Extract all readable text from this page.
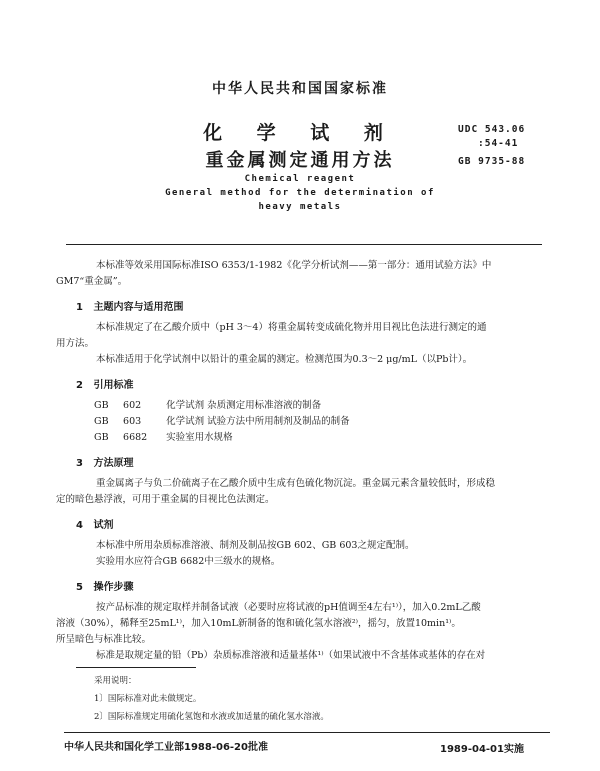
中华人民共和国国家标准
化 学 试 剂
重金属测定通用方法
Chemical reagent
General method for the determination of
heavy metals
UDC 543.06
:54-41
GB 9735-88
本标准等效采用国际标准ISO 6353/1-1982《化学分析试剂——第一部分：通用试验方法》中
GM7“重金属”。
1 主题内容与适用范围
本标准规定了在乙酸介质中（pH 3～4）将重金属转变成硫化物并用目视比色法进行测定的通
用方法。
本标准适用于化学试剂中以铅计的重金属的测定。检测范围为0.3～2 μg/mL（以Pb计）。
2 引用标准
GB 602	化学试剂 杂质测定用标准溶液的制备
GB 603	化学试剂 试验方法中所用制剂及制品的制备
GB 6682 实验室用水规格
3 方法原理
重金属离子与负二价硫离子在乙酸介质中生成有色硫化物沉淀。重金属元素含量较低时，形成稳
定的暗色悬浮液，可用于重金属的目视比色法测定。
4 试剂
本标准中所用杂质标准溶液、制剂及制品按GB 602、GB 603之规定配制。
实验用水应符合GB 6682中三级水的规格。
5 操作步骤
按产品标准的规定取样并制备试液（必要时应将试液的pH值调至4左右¹⁾），加入0.2mL乙酸
溶液（30%），稀释至25mL¹⁾，加入10mL新制备的饱和硫化氢水溶液²⁾，摇匀，放置10min¹⁾。
所呈暗色与标准比较。
标准是取规定量的铅（Pb）杂质标准溶液和适量基体¹⁾（如果试液中不含基体或基体的存在对
采用说明：
1〕国际标准对此未做规定。
2〕国际标准规定用硫化氢饱和水液或加适量的硫化氢水溶液。
中华人民共和国化学工业部1988-06-20批准	1989-04-01实施
